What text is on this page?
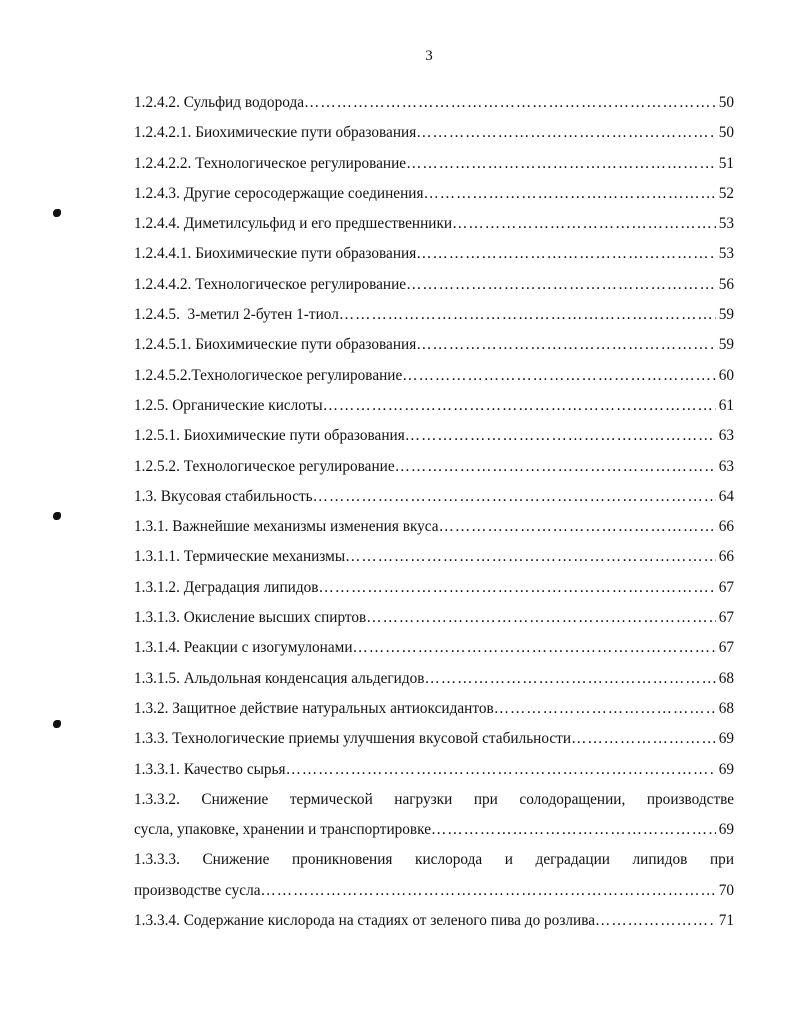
3
1.2.4.2. Сульфид водорода ……………………………………………………………………………………………………………………………………………………	50
1.2.4.2.1. Биохимические пути образования ……………………………………………………………………………………………………………………………………………………	50
1.2.4.2.2. Технологическое регулирование ……………………………………………………………………………………………………………………………………………………	51
1.2.4.3. Другие серосодержащие соединения ……………………………………………………………………………………………………………………………………………………	52
1.2.4.4. Диметилсульфид и его предшественники ……………………………………………………………………………………………………………………………………………………	53
1.2.4.4.1. Биохимические пути образования ……………………………………………………………………………………………………………………………………………………	53
1.2.4.4.2. Технологическое регулирование ……………………………………………………………………………………………………………………………………………………	56
1.2.4.5.  3-метил 2-бутен 1-тиол ……………………………………………………………………………………………………………………………………………………	59
1.2.4.5.1. Биохимические пути образования ……………………………………………………………………………………………………………………………………………………	59
1.2.4.5.2.Технологическое регулирование ……………………………………………………………………………………………………………………………………………………	60
1.2.5. Органические кислоты ……………………………………………………………………………………………………………………………………………………	61
1.2.5.1. Биохимические пути образования ……………………………………………………………………………………………………………………………………………………	63
1.2.5.2. Технологическое регулирование ……………………………………………………………………………………………………………………………………………………	63
1.3. Вкусовая стабильность ……………………………………………………………………………………………………………………………………………………	64
1.3.1. Важнейшие механизмы изменения вкуса ……………………………………………………………………………………………………………………………………………………	66
1.3.1.1. Термические механизмы ……………………………………………………………………………………………………………………………………………………	66
1.3.1.2. Деградация липидов ……………………………………………………………………………………………………………………………………………………	67
1.3.1.3. Окисление высших спиртов ……………………………………………………………………………………………………………………………………………………	67
1.3.1.4. Реакции с изогумулонами ……………………………………………………………………………………………………………………………………………………	67
1.3.1.5. Альдольная конденсация альдегидов ……………………………………………………………………………………………………………………………………………………	68
1.3.2. Защитное действие натуральных антиоксидантов ……………………………………………………………………………………………………………………………………………………	68
1.3.3. Технологические приемы улучшения вкусовой стабильности ……………………………………………………………………………………………………………………………………………………	69
1.3.3.1. Качество сырья ……………………………………………………………………………………………………………………………………………………	69
1.3.3.2. Снижение термической нагрузки при солодоращении, производстве
сусла, упаковке, хранении и транспортировке ……………………………………………………………………………………………………………………………………………………	69
1.3.3.3. Снижение проникновения кислорода и деградации липидов при
производстве сусла ……………………………………………………………………………………………………………………………………………………	70
1.3.3.4. Содержание кислорода на стадиях от зеленого пива до розлива ……………………………………………………………………………………………………………………………………………………	71
